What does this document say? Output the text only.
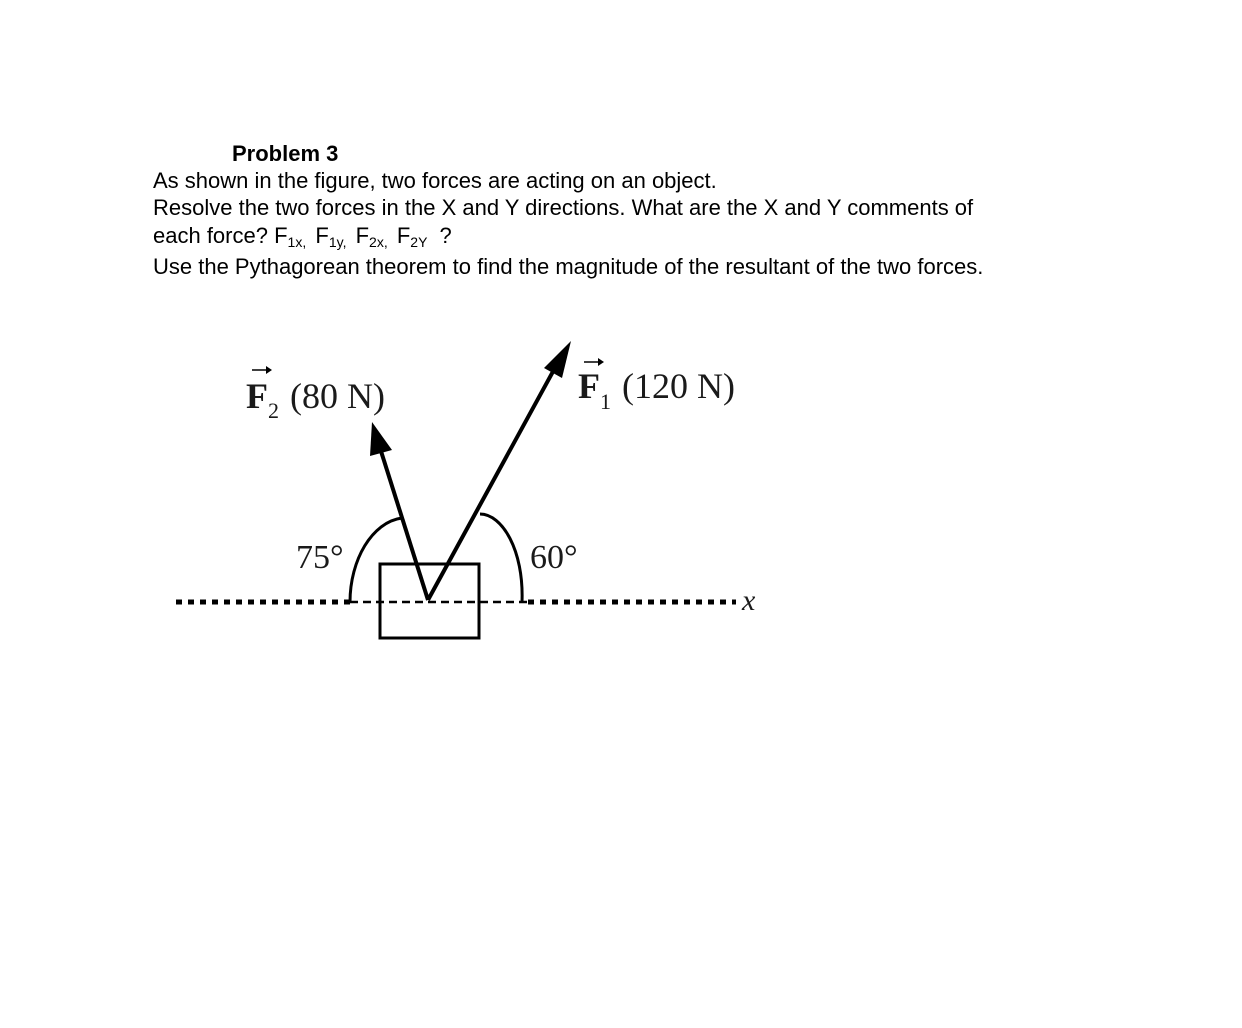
Problem 3

As shown in the figure, two forces are acting on an object.

Resolve the two forces in the X and Y directions. What are the X and Y comments of

each force? F1x, F1y, F2x, F2Y ?

Use the Pythagorean theorem to find the magnitude of the resultant of the two forces.

x
F 2 (80 N)	F 1 (120 N)
75°	60°
